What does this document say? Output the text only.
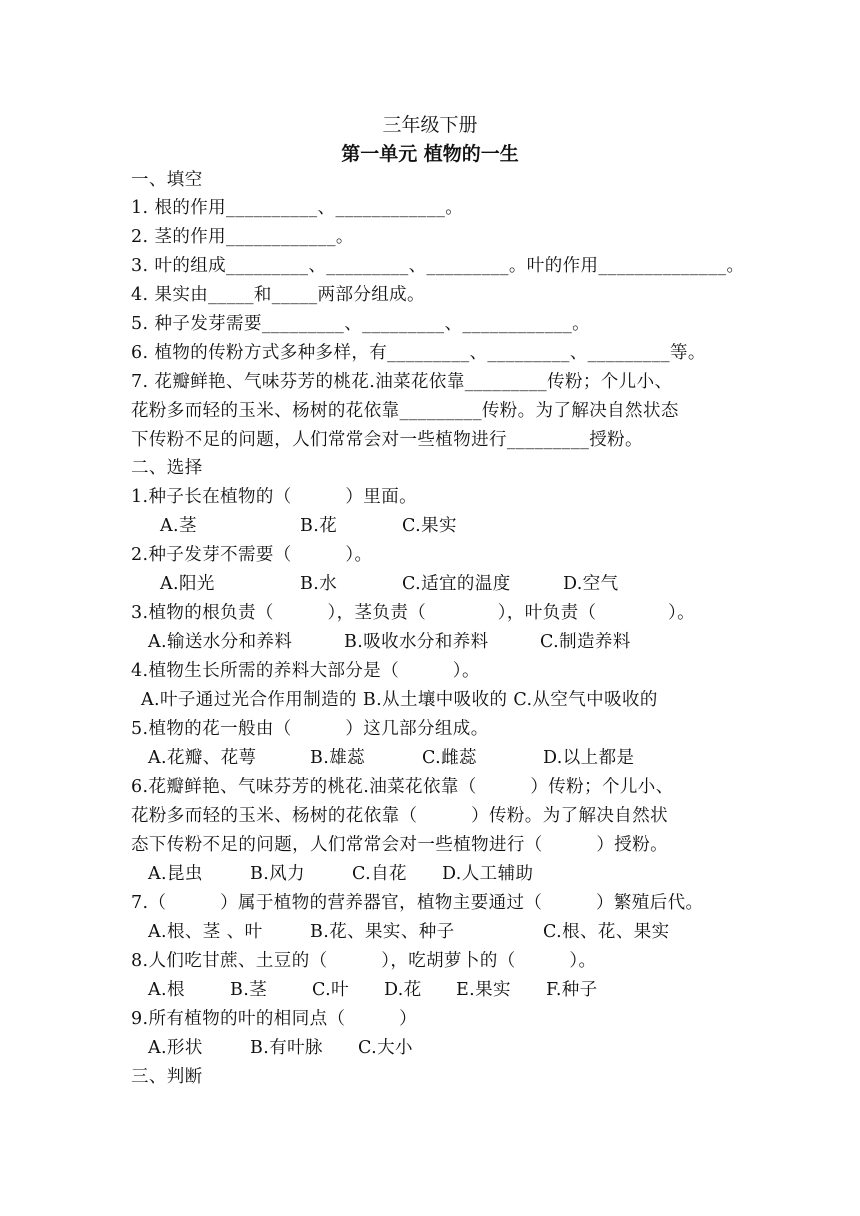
三年级下册
第一单元 植物的一生
一、填空
1. 根的作用__________、____________。
2. 茎的作用____________。
3. 叶的组成_________、_________、_________。叶的作用______________。
4. 果实由_____和_____两部分组成。
5. 种子发芽需要_________、_________、____________。
6. 植物的传粉方式多种多样，有_________、_________、_________等。
7. 花瓣鲜艳、气味芬芳的桃花.油菜花依靠_________传粉；个儿小、
花粉多而轻的玉米、杨树的花依靠_________传粉。为了解决自然状态
下传粉不足的问题，人们常常会对一些植物进行_________授粉。
二、选择
1.种子长在植物的（　　　）里面。
A.茎	B.花	C.果实
2.种子发芽不需要（　　　）。
A.阳光	B.水	C.适宜的温度	D.空气
3.植物的根负责（　　　），茎负责（　　　　），叶负责（　　　　）。
A.输送水分和养料	B.吸收水分和养料	C.制造养料
4.植物生长所需的养料大部分是（　　　）。
A.叶子通过光合作用制造的 B.从土壤中吸收的 C.从空气中吸收的
5.植物的花一般由（　　　）这几部分组成。
A.花瓣、花萼	B.雄蕊	C.雌蕊	D.以上都是
6.花瓣鲜艳、气味芬芳的桃花.油菜花依靠（　　　）传粉；个儿小、
花粉多而轻的玉米、杨树的花依靠（　　　）传粉。为了解决自然状
态下传粉不足的问题，人们常常会对一些植物进行（　　　）授粉。
A.昆虫	B.风力	C.自花 D.人工辅助
7.（　　　）属于植物的营养器官，植物主要通过（　　　）繁殖后代。
A.根、茎 、叶	B.花、果实、种子	C.根、花、果实
8.人们吃甘蔗、土豆的（　　　），吃胡萝卜的（　　　）。
A.根	B.茎	C.叶 D.花 E.果实 F.种子
9.所有植物的叶的相同点（　　　）
A.形状	B.有叶脉 C.大小
三、判断
